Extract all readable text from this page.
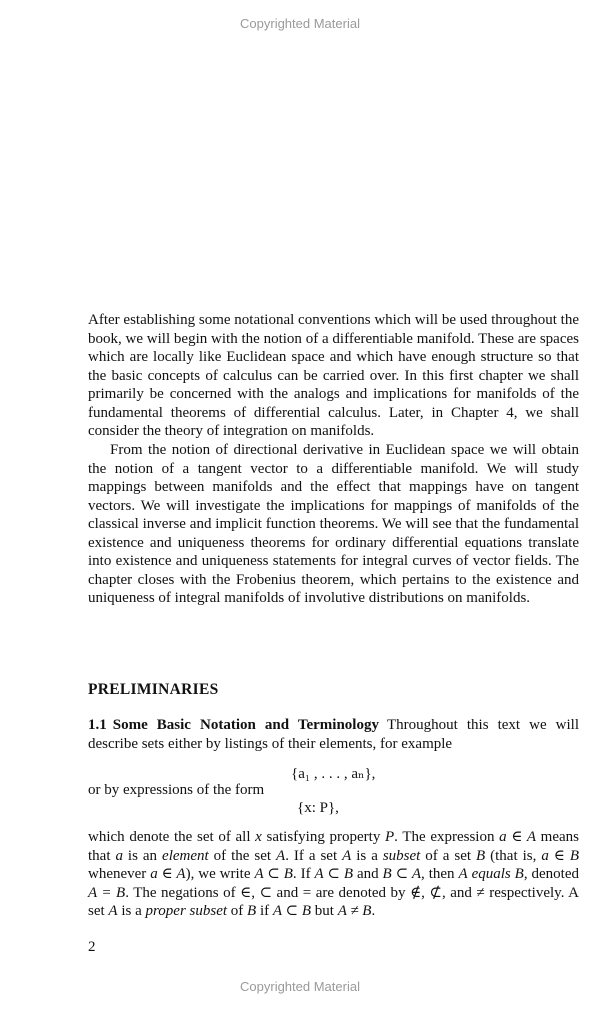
Copyrighted Material

After establishing some notational conventions which will be used throughout the book, we will begin with the notion of a differentiable manifold. These are spaces which are locally like Euclidean space and which have enough structure so that the basic concepts of calculus can be carried over. In this first chapter we shall primarily be concerned with the analogs and implications for manifolds of the fundamental theorems of differential calculus. Later, in Chapter 4, we shall consider the theory of integration on manifolds.

From the notion of directional derivative in Euclidean space we will obtain the notion of a tangent vector to a differentiable manifold. We will study mappings between manifolds and the effect that mappings have on tangent vectors. We will investigate the implications for mappings of manifolds of the classical inverse and implicit function theorems. We will see that the fundamental existence and uniqueness theorems for ordinary differential equations translate into existence and uniqueness statements for integral curves of vector fields. The chapter closes with the Frobenius theorem, which pertains to the existence and uniqueness of integral manifolds of involutive distributions on manifolds.

PRELIMINARIES

1.1 Some Basic Notation and Terminology Throughout this text we will describe sets either by listings of their elements, for example

{a₁ , . . . , aₙ},

or by expressions of the form

{x: P},

which denote the set of all x satisfying property P. The expression a ∈ A means that a is an element of the set A. If a set A is a subset of a set B (that is, a ∈ B whenever a ∈ A), we write A ⊂ B. If A ⊂ B and B ⊂ A, then A equals B, denoted A = B. The negations of ∈, ⊂ and = are denoted by ∉, ⊄, and ≠ respectively. A set A is a proper subset of B if A ⊂ B but A ≠ B.

2

Copyrighted Material
